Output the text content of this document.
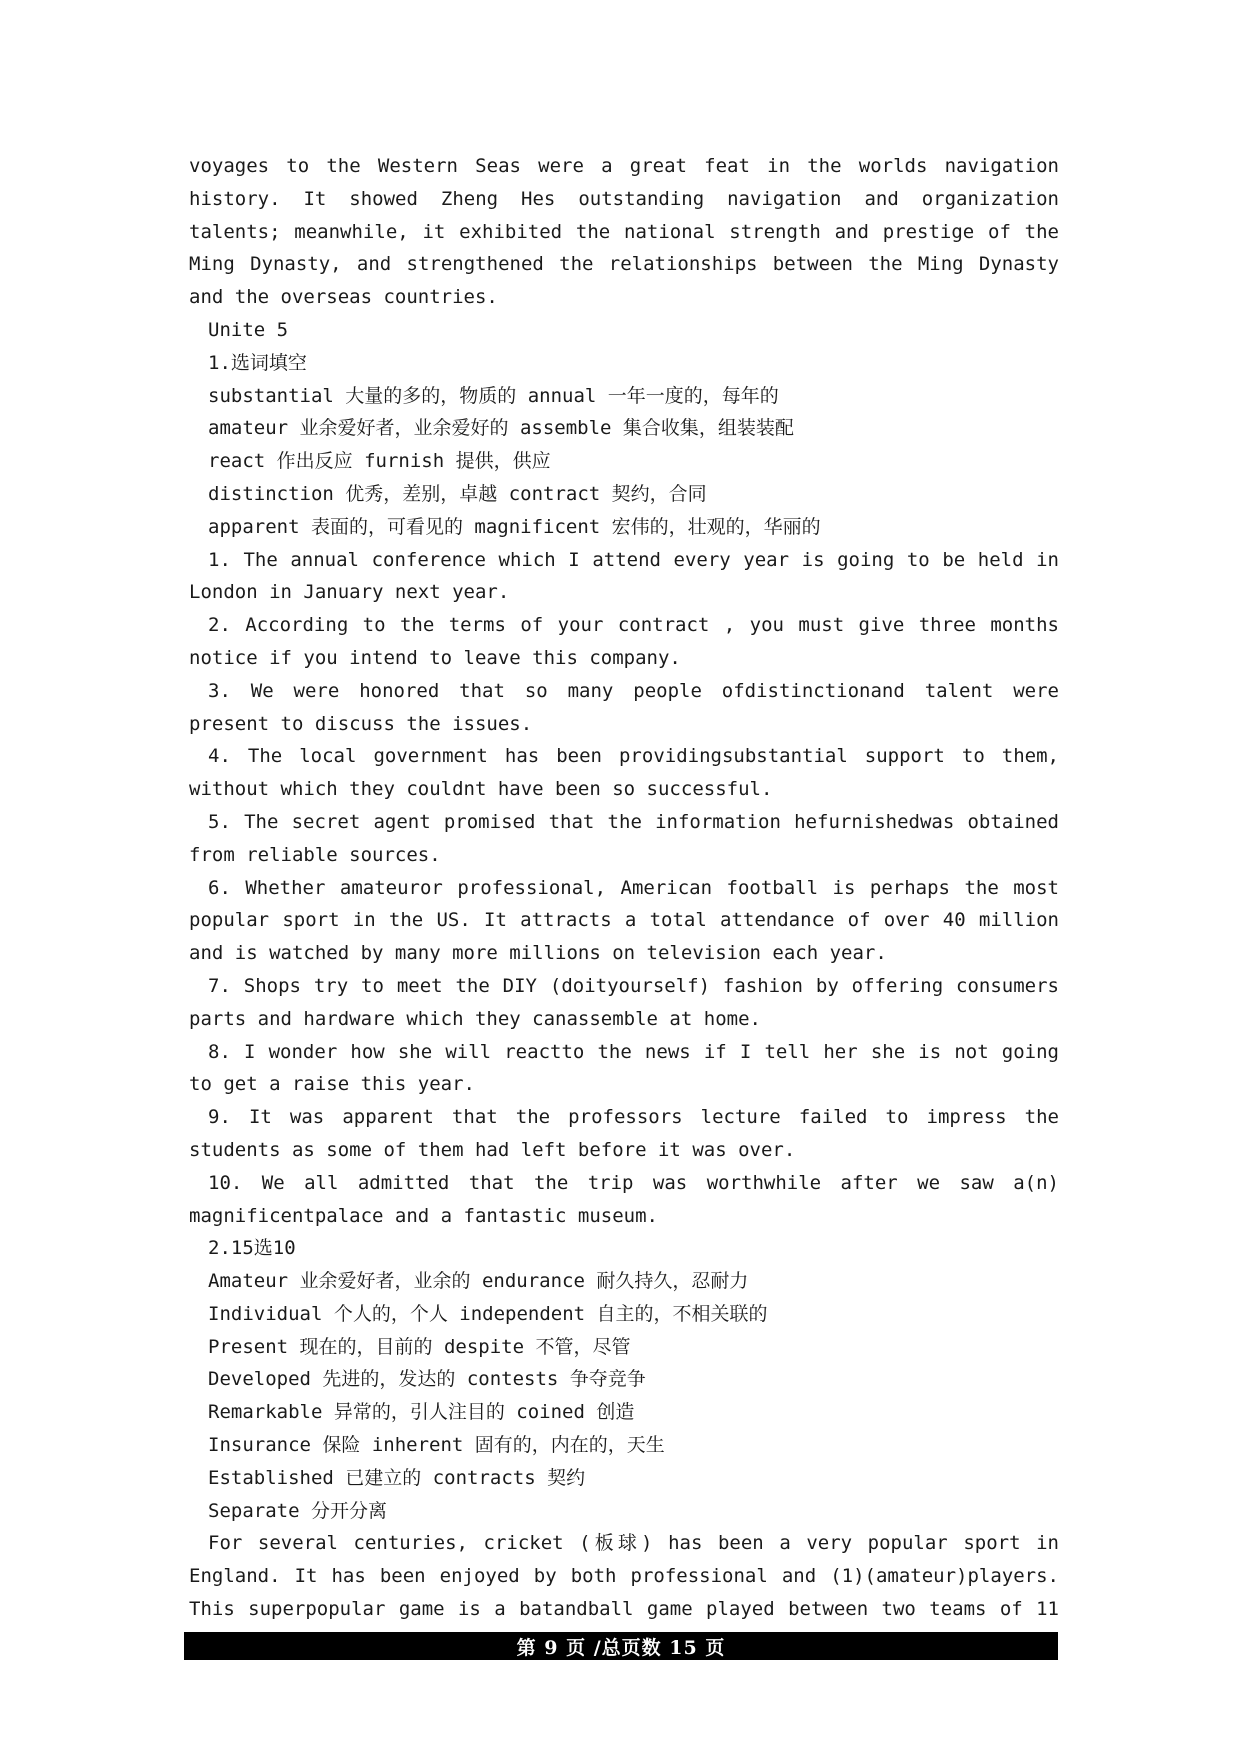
voyages to the Western Seas were a great feat in the worlds navigation history. It showed Zheng Hes outstanding navigation and organization talents; meanwhile, it exhibited the national strength and prestige of the Ming Dynasty, and strengthened the relationships between the Ming Dynasty and the overseas countries.

Unite 5

1.选词填空

substantial 大量的多的，物质的 annual 一年一度的，每年的

amateur 业余爱好者，业余爱好的 assemble 集合收集，组装装配

react 作出反应 furnish 提供，供应

distinction 优秀，差别，卓越 contract 契约，合同

apparent 表面的，可看见的 magnificent 宏伟的，壮观的，华丽的

1. The annual conference which I attend every year is going to be held in London in January next year.

2. According to the terms of your contract , you must give three months notice if you intend to leave this company.

3. We were honored that so many people ofdistinctionand talent were present to discuss the issues.

4. The local government has been providingsubstantial support to them, without which they couldnt have been so successful.

5. The secret agent promised that the information hefurnishedwas obtained from reliable sources.

6. Whether amateuror professional, American football is perhaps the most popular sport in the US. It attracts a total attendance of over 40 million and is watched by many more millions on television each year.

7. Shops try to meet the DIY (doityourself) fashion by offering consumers parts and hardware which they canassemble at home.

8. I wonder how she will reactto the news if I tell her she is not going to get a raise this year.

9. It was apparent that the professors lecture failed to impress the students as some of them had left before it was over.

10. We all admitted that the trip was worthwhile after we saw a(n) magnificentpalace and a fantastic museum.

2.15选10

Amateur 业余爱好者，业余的 endurance 耐久持久，忍耐力

Individual 个人的，个人 independent 自主的，不相关联的

Present 现在的，目前的 despite 不管，尽管

Developed 先进的，发达的 contests 争夺竞争

Remarkable 异常的，引人注目的 coined 创造

Insurance 保险 inherent 固有的，内在的，天生

Established 已建立的 contracts 契约

Separate 分开分离

For several centuries, cricket (板球) has been a very popular sport in England. It has been enjoyed by both professional and (1)(amateur)players. This superpopular game is a batandball game played between two teams of 11

第 9 页 /总页数 15 页
